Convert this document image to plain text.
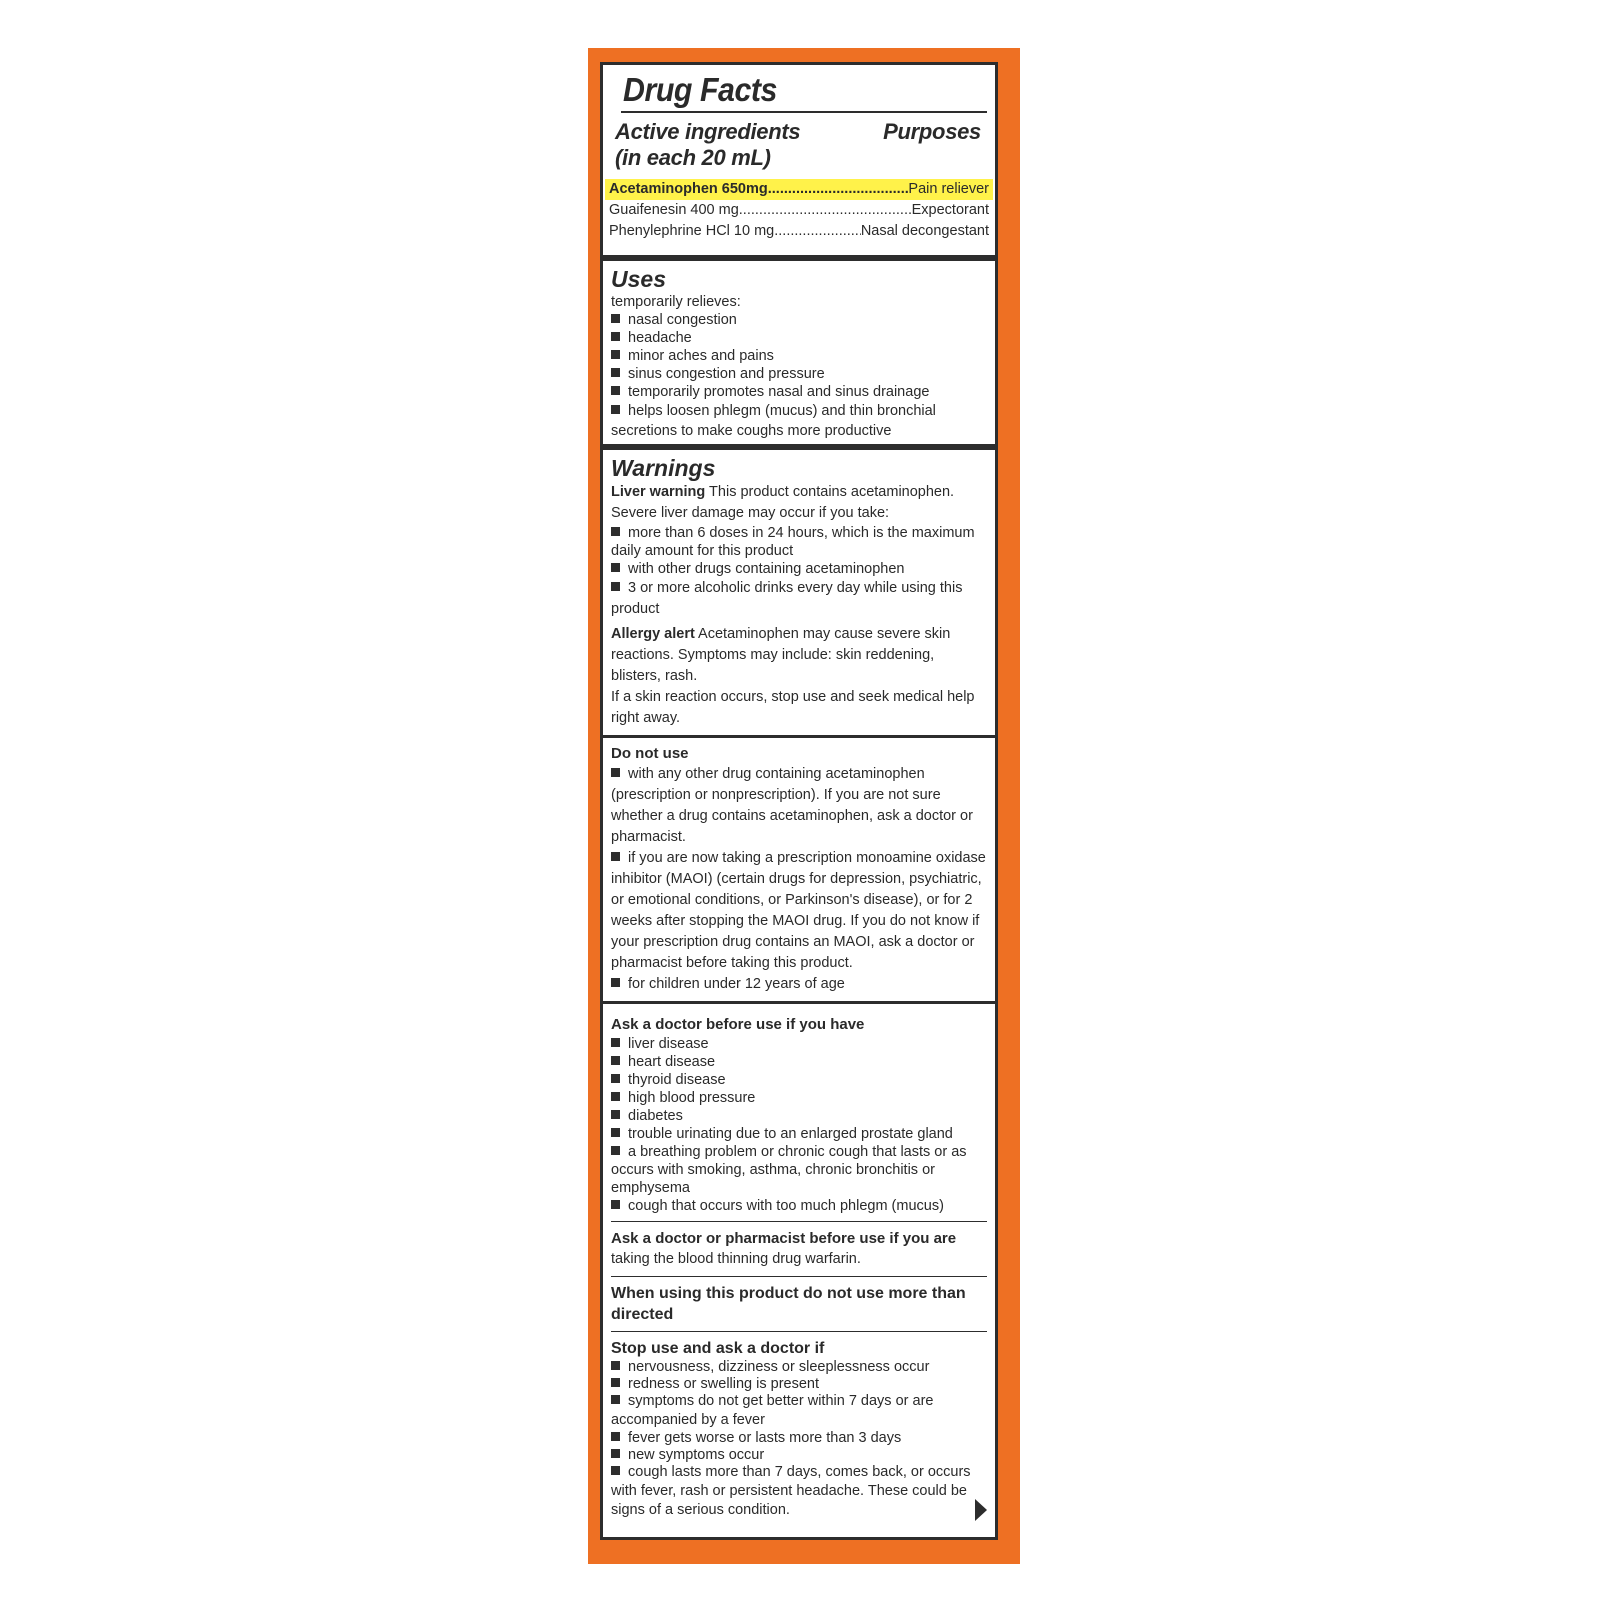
Drug Facts
Active ingredients
(in each 20 mL)
Purposes
Acetaminophen 650mg .....	Pain reliever
Guaifenesin 400 mg .....	Expectorant
Phenylephrine HCl 10 mg .....	Nasal decongestant
Uses
temporarily relieves:
nasal congestion
headache
minor aches and pains
sinus congestion and pressure
temporarily promotes nasal and sinus drainage
helps loosen phlegm (mucus) and thin bronchial secretions to make coughs more productive
Warnings
Liver warning This product contains acetaminophen.
Severe liver damage may occur if you take:
more than 6 doses in 24 hours, which is the maximum daily amount for this product
with other drugs containing acetaminophen
3 or more alcoholic drinks every day while using this product
Allergy alert Acetaminophen may cause severe skin reactions. Symptoms may include: skin reddening, blisters, rash.
If a skin reaction occurs, stop use and seek medical help right away.
Do not use
with any other drug containing acetaminophen (prescription or nonprescription). If you are not sure whether a drug contains acetaminophen, ask a doctor or pharmacist.
if you are now taking a prescription monoamine oxidase inhibitor (MAOI) (certain drugs for depression, psychiatric, or emotional conditions, or Parkinson's disease), or for 2 weeks after stopping the MAOI drug. If you do not know if your prescription drug contains an MAOI, ask a doctor or pharmacist before taking this product.
for children under 12 years of age
Ask a doctor before use if you have
liver disease
heart disease
thyroid disease
high blood pressure
diabetes
trouble urinating due to an enlarged prostate gland
a breathing problem or chronic cough that lasts or as occurs with smoking, asthma, chronic bronchitis or emphysema
cough that occurs with too much phlegm (mucus)
Ask a doctor or pharmacist before use if you are
taking the blood thinning drug warfarin.
When using this product do not use more than directed
Stop use and ask a doctor if
nervousness, dizziness or sleeplessness occur
redness or swelling is present
symptoms do not get better within 7 days or are accompanied by a fever
fever gets worse or lasts more than 3 days
new symptoms occur
cough lasts more than 7 days, comes back, or occurs with fever, rash or persistent headache. These could be signs of a serious condition.
